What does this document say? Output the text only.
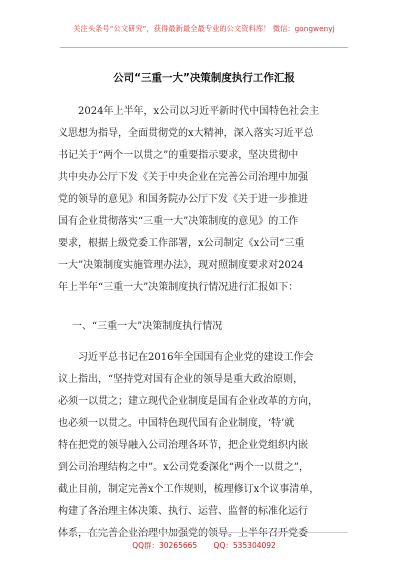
关注头条号“公文研究”，获得最新最全最专业的公文资料库！ 微信：gongwenyj
公司“三重一大”决策制度执行工作汇报
　　2024年上半年，x公司以习近平新时代中国特色社会主
义思想为指导，全面贯彻党的x大精神，深入落实习近平总
书记关于“两个一以贯之”的重要指示要求，坚决贯彻中
共中央办公厅下发《关于中央企业在完善公司治理中加强
党的领导的意见》和国务院办公厅下发《关于进一步推进
国有企业贯彻落实“三重一大”决策制度的意见》的工作
要求，根据上级党委工作部署，x公司制定《x公司“三重
一大”决策制度实施管理办法》，现对照制度要求对2024
年上半年“三重一大”决策制度执行情况进行汇报如下：
一、“三重一大”决策制度执行情况
　　习近平总书记在2016年全国国有企业党的建设工作会
议上指出，“坚持党对国有企业的领导是重大政治原则，
必须一以贯之；建立现代企业制度是国有企业改革的方向，
也必须一以贯之。中国特色现代国有企业制度，‘特’就
特在把党的领导融入公司治理各环节，把企业党组织内嵌
到公司治理结构之中”。x公司党委深化“两个一以贯之”，
截止目前，制定完善x个工作规则，梳理修订x个议事清单，
构建了各治理主体决策、执行、运营、监督的标准化运行
体系，在完善企业治理中加强党的领导。上半年召开党委
QQ群：30265665 QQ：535304092
